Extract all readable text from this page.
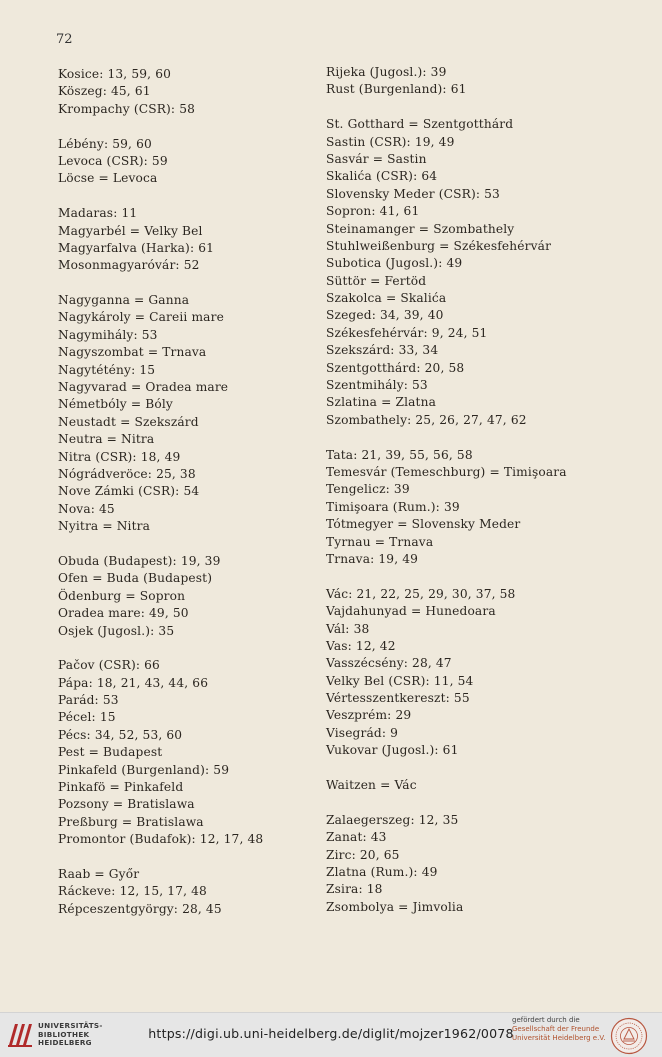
72
Kosice: 13, 59, 60
Köszeg: 45, 61
Krompachy (CSR): 58
Lébény: 59, 60
Levoca (CSR): 59
Löcse = Levoca
Madaras: 11
Magyarbél = Velky Bel
Magyarfalva (Harka): 61
Mosonmagyaróvár: 52
Nagyganna = Ganna
Nagykároly = Careii mare
Nagymihály: 53
Nagyszombat = Trnava
Nagytétény: 15
Nagyvarad = Oradea mare
Németbóly = Bóly
Neustadt = Szekszárd
Neutra = Nitra
Nitra (CSR): 18, 49
Nógrádveröce: 25, 38
Nove Zámki (CSR): 54
Nova: 45
Nyitra = Nitra
Obuda (Budapest): 19, 39
Ofen = Buda (Budapest)
Ödenburg = Sopron
Oradea mare: 49, 50
Osjek (Jugosl.): 35
Pačov (CSR): 66
Pápa: 18, 21, 43, 44, 66
Parád: 53
Pécel: 15
Pécs: 34, 52, 53, 60
Pest = Budapest
Pinkafeld (Burgenland): 59
Pinkafö = Pinkafeld
Pozsony = Bratislawa
Preßburg = Bratislawa
Promontor (Budafok): 12, 17, 48
Raab = Győr
Ráckeve: 12, 15, 17, 48
Répceszentgyörgy: 28, 45
Rijeka (Jugosl.): 39
Rust (Burgenland): 61
St. Gotthard = Szentgotthárd
Sastin (CSR): 19, 49
Sasvár = Sastin
Skalića (CSR): 64
Slovensky Meder (CSR): 53
Sopron: 41, 61
Steinamanger = Szombathely
Stuhlweißenburg = Székesfehérvár
Subotica (Jugosl.): 49
Süttör = Fertöd
Szakolca = Skalića
Szeged: 34, 39, 40
Székesfehérvár: 9, 24, 51
Szekszárd: 33, 34
Szentgotthárd: 20, 58
Szentmihály: 53
Szlatina = Zlatna
Szombathely: 25, 26, 27, 47, 62
Tata: 21, 39, 55, 56, 58
Temesvár (Temeschburg) = Timişoara
Tengelicz: 39
Timişoara (Rum.): 39
Tótmegyer = Slovensky Meder
Tyrnau = Trnava
Trnava: 19, 49
Vác: 21, 22, 25, 29, 30, 37, 58
Vajdahunyad = Hunedoara
Vál: 38
Vas: 12, 42
Vasszécsény: 28, 47
Velky Bel (CSR): 11, 54
Vértesszentkereszt: 55
Veszprém: 29
Visegrád: 9
Vukovar (Jugosl.): 61
Waitzen = Vác
Zalaegerszeg: 12, 35
Zanat: 43
Zirc: 20, 65
Zlatna (Rum.): 49
Zsira: 18
Zsombolya = Jimvolia
UNIVERSITÄTS-
BIBLIOTHEK
HEIDELBERG
https://digi.ub.uni-heidelberg.de/diglit/mojzer1962/0078
gefördert durch die
Gesellschaft der Freunde
Universität Heidelberg e.V.
